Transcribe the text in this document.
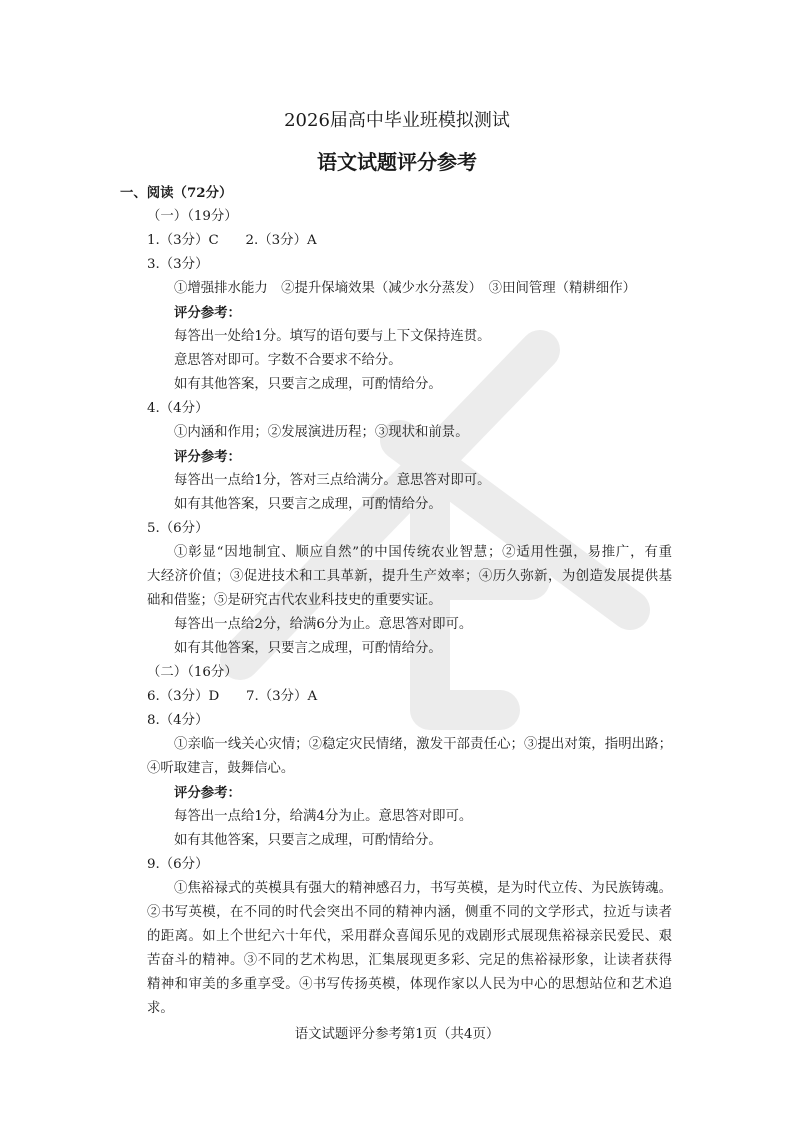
2026届高中毕业班模拟测试
语文试题评分参考
一、阅读（72分）
（一）（19分）
1.（3分）C　　2.（3分）A
3.（3分）
①增强排水能力　②提升保墒效果（减少水分蒸发）　③田间管理（精耕细作）
评分参考：
每答出一处给1分。填写的语句要与上下文保持连贯。
意思答对即可。字数不合要求不给分。
如有其他答案，只要言之成理，可酌情给分。
4.（4分）
①内涵和作用；②发展演进历程；③现状和前景。
评分参考：
每答出一点给1分，答对三点给满分。意思答对即可。
如有其他答案，只要言之成理，可酌情给分。
5.（6分）
①彰显“因地制宜、顺应自然”的中国传统农业智慧；②适用性强，易推广，有重
大经济价值；③促进技术和工具革新，提升生产效率；④历久弥新，为创造发展提供基
础和借鉴；⑤是研究古代农业科技史的重要实证。
每答出一点给2分，给满6分为止。意思答对即可。
如有其他答案，只要言之成理，可酌情给分。
（二）（16分）
6.（3分）D　　7.（3分）A
8.（4分）
①亲临一线关心灾情；②稳定灾民情绪，激发干部责任心；③提出对策，指明出路；
④听取建言，鼓舞信心。
评分参考：
每答出一点给1分，给满4分为止。意思答对即可。
如有其他答案，只要言之成理，可酌情给分。
9.（6分）
①焦裕禄式的英模具有强大的精神感召力，书写英模，是为时代立传、为民族铸魂。
②书写英模，在不同的时代会突出不同的精神内涵，侧重不同的文学形式，拉近与读者
的距离。如上个世纪六十年代，采用群众喜闻乐见的戏剧形式展现焦裕禄亲民爱民、艰
苦奋斗的精神。③不同的艺术构思，汇集展现更多彩、完足的焦裕禄形象，让读者获得
精神和审美的多重享受。④书写传扬英模，体现作家以人民为中心的思想站位和艺术追
求。
语文试题评分参考第1页（共4页）
